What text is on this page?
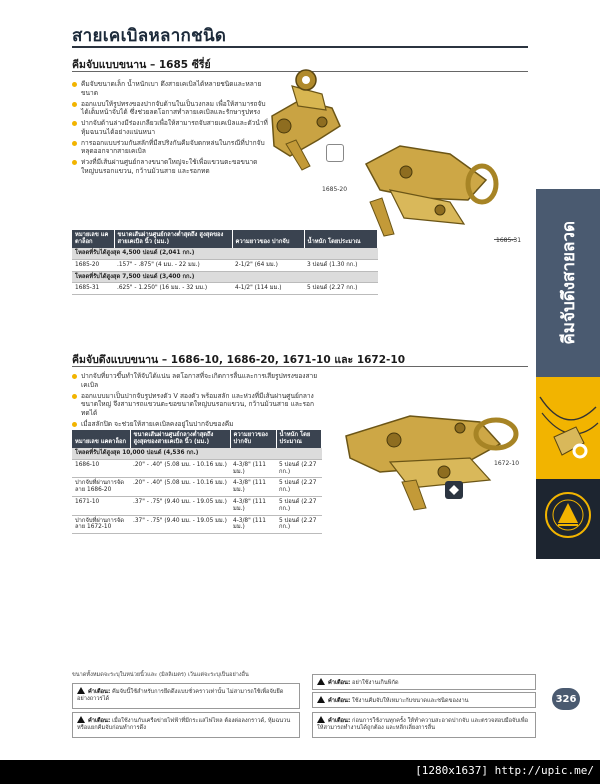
สายเคเบิลหลากชนิด
คีมจับแบบขนาน – 1685 ซีรี่ย์
คีมจับขนาดเล็ก น้ำหนักเบา ดึงสายเคเบิลได้หลายชนิดและหลายขนาด
ออกแบบให้รูปทรงของปากจับด้านในเป็นวงกลม เพื่อให้สามารถจับได้เต็มหน้าจับได้ ซึ่งช่วยลดโอกาสทำลายเคเบิลและรักษารูปทรง
ปากจับด้านล่างมีร่องเกลียวเพื่อให้สามารถจับสายเคเบิลและตัวนำที่หุ้มฉนวนได้อย่างแน่นหนา
การออกแบบร่วมกันสลักที่มีสปริงกันคีมจับตกหล่นในกรณีที่ปากจับหลุดออกจากสายเคเบิล
ห่วงที่มีเส้นผ่านศูนย์กลางขนาดใหญ่จะใช้เพื่อแขวนตะขอขนาดใหญ่บนรอกแขวน, กว้านม้วนสาย และรอกทด
1685-20
1685-31
หมายเลข แคตาล็อก	ขนาดเส้นผ่านศูนย์กลางต่ำสุดถึง สูงสุดของสายเคเบิล นิ้ว (มม.)	ความยาวของ ปากจับ	น้ำหนัก โดยประมาณ
โหลดที่รับได้สูงสุด 4,500 ปอนด์ (2,041 กก.)			
1685-20	.157" - .875" (4 มม. - 22 มม.)	2-1/2" (64 มม.)	3 ปอนด์ (1.30 กก.)
โหลดที่รับได้สูงสุด 7,500 ปอนด์ (3,400 กก.)			
1685-31	.625" - 1.250" (16 มม. - 32 มม.)	4-1/2" (114 มม.)	5 ปอนด์ (2.27 กก.)
คีมจับดึงแบบขนาน – 1686-10, 1686-20, 1671-10 และ 1672-10
ปากจับที่ยาวขึ้นทำให้จับได้แน่น ลดโอกาสที่จะเกิดการลื่นและการเสียรูปทรงของสายเคเบิล
ออกแบบมาเป็นปากจับรูปทรงตัว V สองตัว พร้อมสลัก และห่วงที่มีเส้นผ่านศูนย์กลางขนาดใหญ่ จึงสามารถแขวนตะขอขนาดใหญ่บนรอกแขวน, กว้านม้วนสาย และรอกทดได้
เมื่อสลักปิด จะช่วยให้สายเคเบิลคงอยู่ในปากจับของคีม
หมายเลข แคตาล็อก	ขนาดเส้นผ่านศูนย์กลางต่ำสุดถึง สูงสุดของสายเคเบิล นิ้ว (มม.)	ความยาวของ ปากจับ	น้ำหนัก โดยประมาณ
โหลดที่รับได้สูงสุด 10,000 ปอนด์ (4,536 กก.)			
1686-10	.20" - .40" (5.08 มม. - 10.16 มม.)	4-3/8" (111 มม.)	5 ปอนด์ (2.27 กก.)
ปากจับที่ผ่านการจัดลาย 1686-20	.20" - .40" (5.08 มม. - 10.16 มม.)	4-3/8" (111 มม.)	5 ปอนด์ (2.27 กก.)
1671-10	.37" - .75" (9.40 มม. - 19.05 มม.)	4-3/8" (111 มม.)	5 ปอนด์ (2.27 กก.)
ปากจับที่ผ่านการจัดลาย 1672-10	.37" - .75" (9.40 มม. - 19.05 มม.)	4-3/8" (111 มม.)	5 ปอนด์ (2.27 กก.)
1672-10
คีมจับดึงสายลวด
ขนาดทั้งหมดจะระบุในหน่วยนิ้วและ (มิลลิเมตร) เว้นแต่จะระบุเป็นอย่างอื่น
คำเตือน: คีมจับนี้ใช้สำหรับการยึดดึงแบบชั่วคราวเท่านั้น ไม่สามารถใช้เพื่อจับยึดอย่างถาวรได้
คำเตือน: อย่าใช้งานเกินพิกัด
คำเตือน: ใช้งานคีมจับให้เหมาะกับขนาดและชนิดของงาน
คำเตือน: เมื่อใช้งานกับเครือข่ายไฟฟ้าที่มีกระแสไฟไหล ต้องต่อลงกราวด์, หุ้มฉนวน หรือแยกคีมจับก่อนทำการดึง
คำเตือน: ก่อนการใช้งานทุกครั้ง ให้ทำความสะอาดปากจับ และตรวจสอบมือจับเพื่อให้สามารถทำงานได้ถูกต้อง และหลีกเลี่ยงการลื่น
326
[1280x1637] http://upic.me/
